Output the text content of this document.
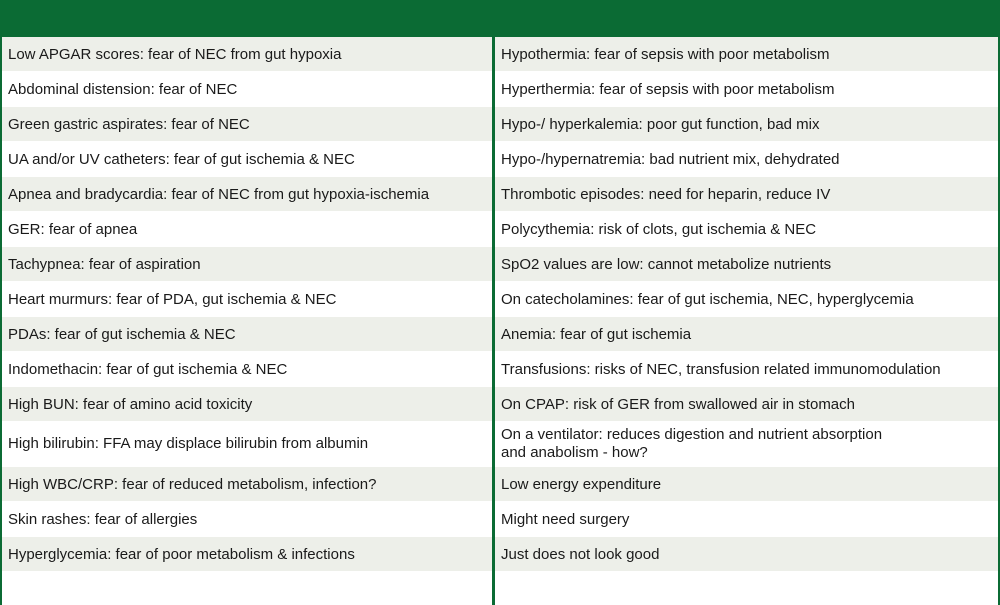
Low APGAR scores: fear of NEC from gut hypoxia
Abdominal distension: fear of NEC
Green gastric aspirates: fear of NEC
UA and/or UV catheters: fear of gut ischemia & NEC
Apnea and bradycardia: fear of NEC from gut hypoxia-ischemia
GER: fear of apnea
Tachypnea: fear of aspiration
Heart murmurs: fear of PDA, gut ischemia & NEC
PDAs: fear of gut ischemia & NEC
Indomethacin: fear of gut ischemia & NEC
High BUN: fear of amino acid toxicity
High bilirubin: FFA may displace bilirubin from albumin
High WBC/CRP: fear of reduced metabolism, infection?
Skin rashes: fear of allergies
Hyperglycemia: fear of poor metabolism & infections
Hypothermia: fear of sepsis with poor metabolism
Hyperthermia: fear of sepsis with poor metabolism
Hypo-/ hyperkalemia: poor gut function, bad mix
Hypo-/hypernatremia: bad nutrient mix, dehydrated
Thrombotic episodes: need for heparin, reduce IV
Polycythemia: risk of clots, gut ischemia & NEC
SpO2 values are low: cannot metabolize nutrients
On catecholamines: fear of gut ischemia, NEC, hyperglycemia
Anemia: fear of gut ischemia
Transfusions: risks of NEC, transfusion related immunomodulation
On CPAP: risk of GER from swallowed air in stomach
On a ventilator: reduces digestion and nutrient absorption
and anabolism - how?
Low energy expenditure
Might need surgery
Just does not look good
